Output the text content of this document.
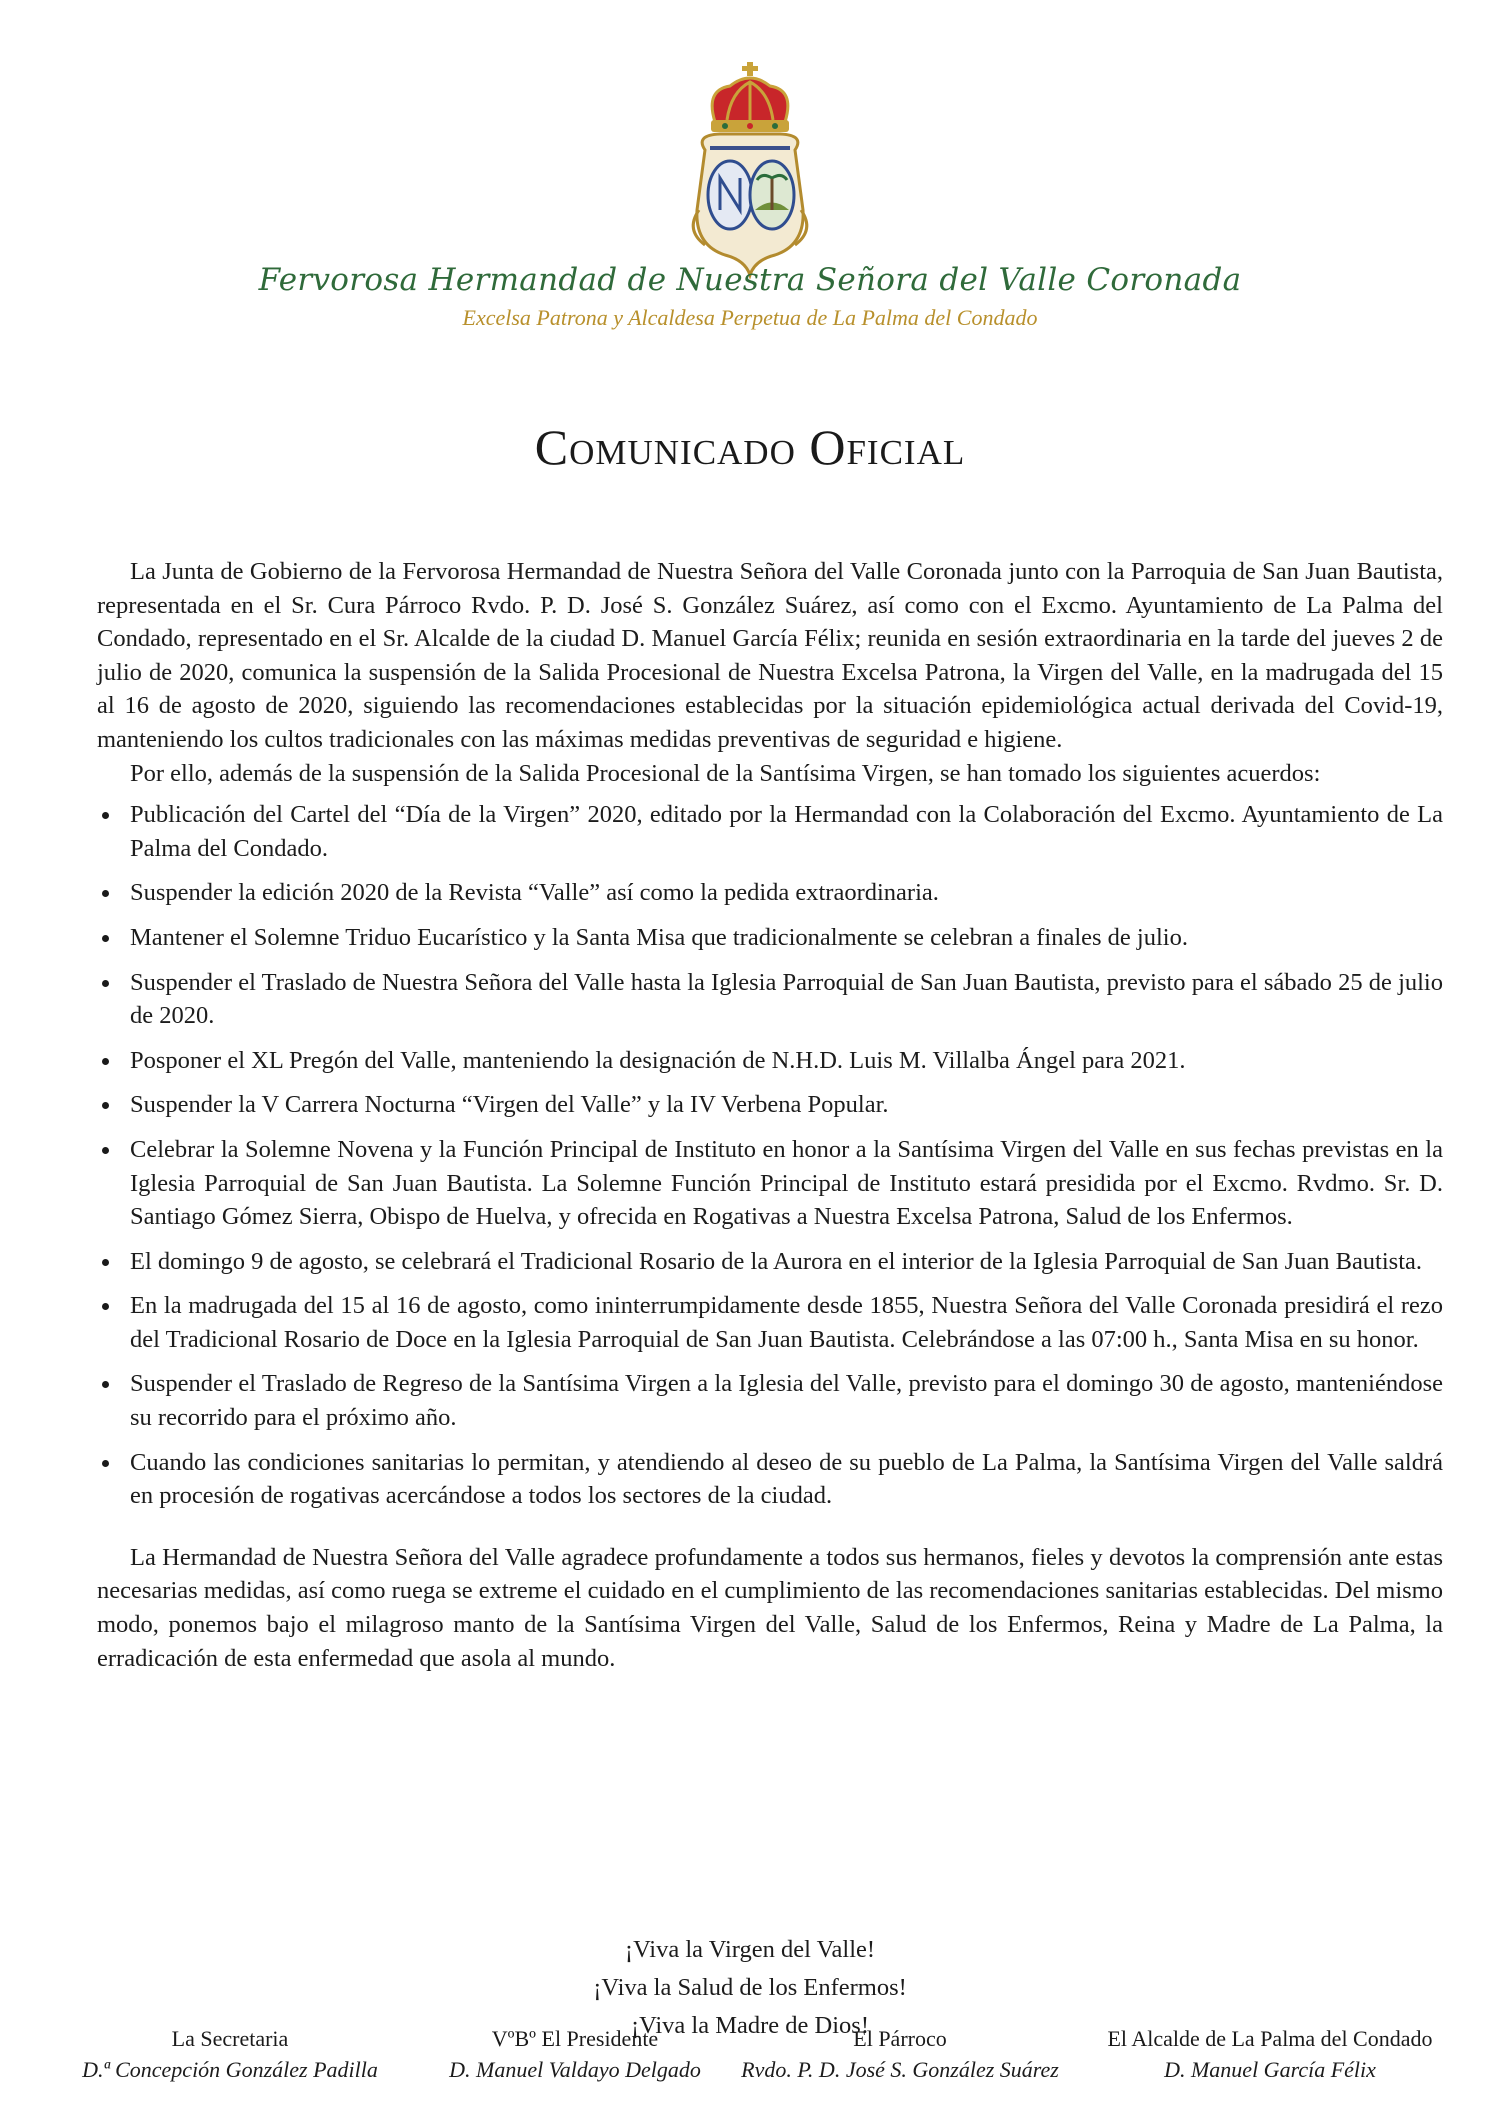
Fervorosa Hermandad de Nuestra Señora del Valle Coronada
Excelsa Patrona y Alcaldesa Perpetua de La Palma del Condado
Comunicado Oficial

La Junta de Gobierno de la Fervorosa Hermandad de Nuestra Señora del Valle Coronada junto con la Parroquia de San Juan Bautista, representada en el Sr. Cura Párroco Rvdo. P. D. José S. González Suárez, así como con el Excmo. Ayuntamiento de La Palma del Condado, representado en el Sr. Alcalde de la ciudad D. Manuel García Félix; reunida en sesión extraordinaria en la tarde del jueves 2 de julio de 2020, comunica la suspensión de la Salida Procesional de Nuestra Excelsa Patrona, la Virgen del Valle, en la madrugada del 15 al 16 de agosto de 2020, siguiendo las recomendaciones establecidas por la situación epidemiológica actual derivada del Covid-19, manteniendo los cultos tradicionales con las máximas medidas preventivas de seguridad e higiene.

Por ello, además de la suspensión de la Salida Procesional de la Santísima Virgen, se han tomado los siguientes acuerdos:

Publicación del Cartel del “Día de la Virgen” 2020, editado por la Hermandad con la Colaboración del Excmo. Ayuntamiento de La Palma del Condado.
Suspender la edición 2020 de la Revista “Valle” así como la pedida extraordinaria.
Mantener el Solemne Triduo Eucarístico y la Santa Misa que tradicionalmente se celebran a finales de julio.
Suspender el Traslado de Nuestra Señora del Valle hasta la Iglesia Parroquial de San Juan Bautista, previsto para el sábado 25 de julio de 2020.
Posponer el XL Pregón del Valle, manteniendo la designación de N.H.D. Luis M. Villalba Ángel para 2021.
Suspender la V Carrera Nocturna “Virgen del Valle” y la IV Verbena Popular.
Celebrar la Solemne Novena y la Función Principal de Instituto en honor a la Santísima Virgen del Valle en sus fechas previstas en la Iglesia Parroquial de San Juan Bautista. La Solemne Función Principal de Instituto estará presidida por el Excmo. Rvdmo. Sr. D. Santiago Gómez Sierra, Obispo de Huelva, y ofrecida en Rogativas a Nuestra Excelsa Patrona, Salud de los Enfermos.
El domingo 9 de agosto, se celebrará el Tradicional Rosario de la Aurora en el interior de la Iglesia Parroquial de San Juan Bautista.
En la madrugada del 15 al 16 de agosto, como ininterrumpidamente desde 1855, Nuestra Señora del Valle Coronada presidirá el rezo del Tradicional Rosario de Doce en la Iglesia Parroquial de San Juan Bautista. Celebrándose a las 07:00 h., Santa Misa en su honor.
Suspender el Traslado de Regreso de la Santísima Virgen a la Iglesia del Valle, previsto para el domingo 30 de agosto, manteniéndose su recorrido para el próximo año.
Cuando las condiciones sanitarias lo permitan, y atendiendo al deseo de su pueblo de La Palma, la Santísima Virgen del Valle saldrá en procesión de rogativas acercándose a todos los sectores de la ciudad.

La Hermandad de Nuestra Señora del Valle agradece profundamente a todos sus hermanos, fieles y devotos la comprensión ante estas necesarias medidas, así como ruega se extreme el cuidado en el cumplimiento de las recomendaciones sanitarias establecidas. Del mismo modo, ponemos bajo el milagroso manto de la Santísima Virgen del Valle, Salud de los Enfermos, Reina y Madre de La Palma, la erradicación de esta enfermedad que asola al mundo.

¡Viva la Virgen del Valle!
¡Viva la Salud de los Enfermos!
¡Viva la Madre de Dios!
La Secretaria
D.ª Concepción González Padilla
VºBº El Presidente
D. Manuel Valdayo Delgado
El Párroco
Rvdo. P. D. José S. González Suárez
El Alcalde de La Palma del Condado
D. Manuel García Félix
